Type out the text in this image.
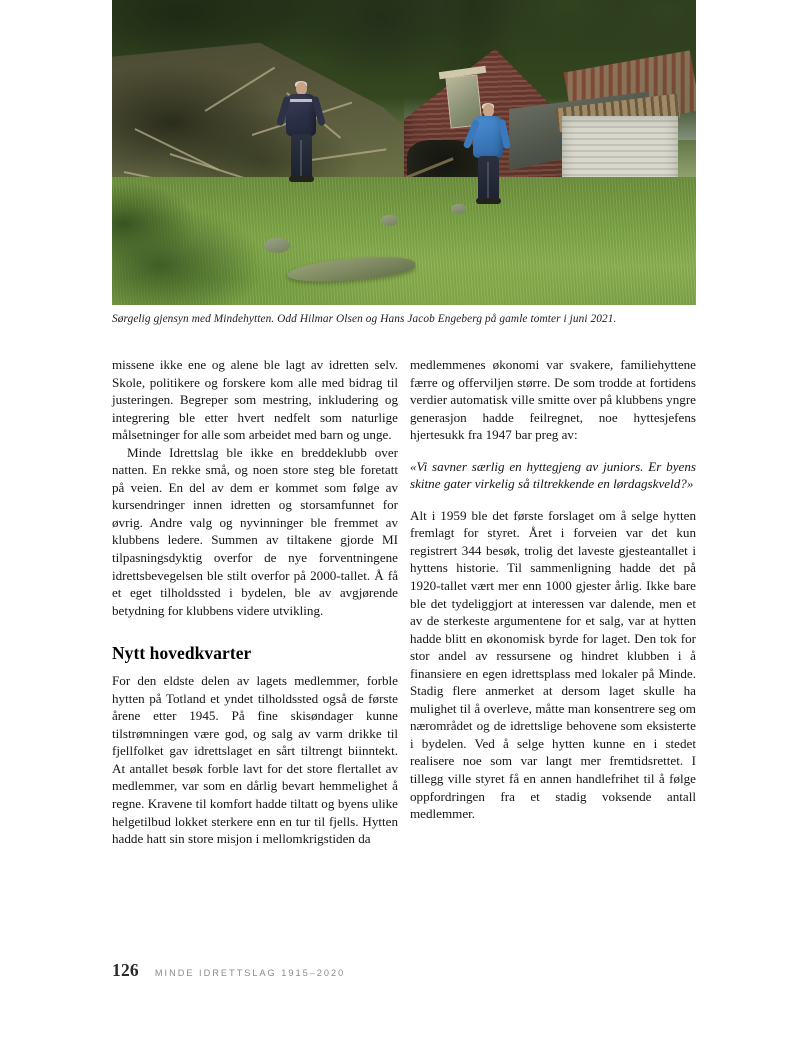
Sørgelig gjensyn med Mindehytten. Odd Hilmar Olsen og Hans Jacob Engeberg på gamle tomter i juni 2021.

missene ikke ene og alene ble lagt av idretten selv. Skole, politikere og forskere kom alle med bidrag til justeringen. Begreper som mestring, inkludering og integrering ble etter hvert nedfelt som naturlige målsetninger for alle som arbeidet med barn og unge.

Minde Idrettslag ble ikke en breddeklubb over natten. En rekke små, og noen store steg ble foretatt på veien. En del av dem er kommet som følge av kursendringer innen idretten og storsamfunnet for øvrig. Andre valg og nyvinninger ble fremmet av klubbens ledere. Summen av tiltakene gjorde MI tilpasningsdyktig overfor de nye forventningene idrettsbevegelsen ble stilt overfor på 2000-tallet. Å få et eget tilholdssted i bydelen, ble av avgjørende betydning for klubbens videre utvikling.

Nytt hovedkvarter

For den eldste delen av lagets medlemmer, forble hytten på Totland et yndet tilholdssted også de første årene etter 1945. På fine skisøndager kunne tilstrømningen være god, og salg av varm drikke til fjellfolket gav idrettslaget en sårt tiltrengt biinntekt. At antallet besøk forble lavt for det store flertallet av medlemmer, var som en dårlig bevart hemmelighet å regne. Kravene til komfort hadde tiltatt og byens ulike helgetilbud lokket sterkere enn en tur til fjells. Hytten hadde hatt sin store misjon i mellomkrigstiden da

medlemmenes økonomi var svakere, familiehyttene færre og offerviljen større. De som trodde at fortidens verdier automatisk ville smitte over på klubbens yngre generasjon hadde feilregnet, noe hyttesjefens hjertesukk fra 1947 bar preg av:

«Vi savner særlig en hyttegjeng av juniors. Er byens skitne gater virkelig så tiltrekkende en lørdagskveld?»

Alt i 1959 ble det første forslaget om å selge hytten fremlagt for styret. Året i forveien var det kun registrert 344 besøk, trolig det laveste gjesteantallet i hyttens historie. Til sammenligning hadde det på 1920-tallet vært mer enn 1000 gjester årlig. Ikke bare ble det tydeliggjort at interessen var dalende, men et av de sterkeste argumentene for et salg, var at hytten hadde blitt en økonomisk byrde for laget. Den tok for stor andel av ressursene og hindret klubben i å finansiere en egen idrettsplass med lokaler på Minde. Stadig flere anmerket at dersom laget skulle ha mulighet til å overleve, måtte man konsentrere seg om nærområdet og de idrettslige behovene som eksisterte i bydelen. Ved å selge hytten kunne en i stedet realisere noe som var langt mer fremtidsrettet. I tillegg ville styret få en annen handlefrihet til å følge oppfordringen fra et stadig voksende antall medlemmer.

126 MINDE IDRETTSLAG 1915–2020
